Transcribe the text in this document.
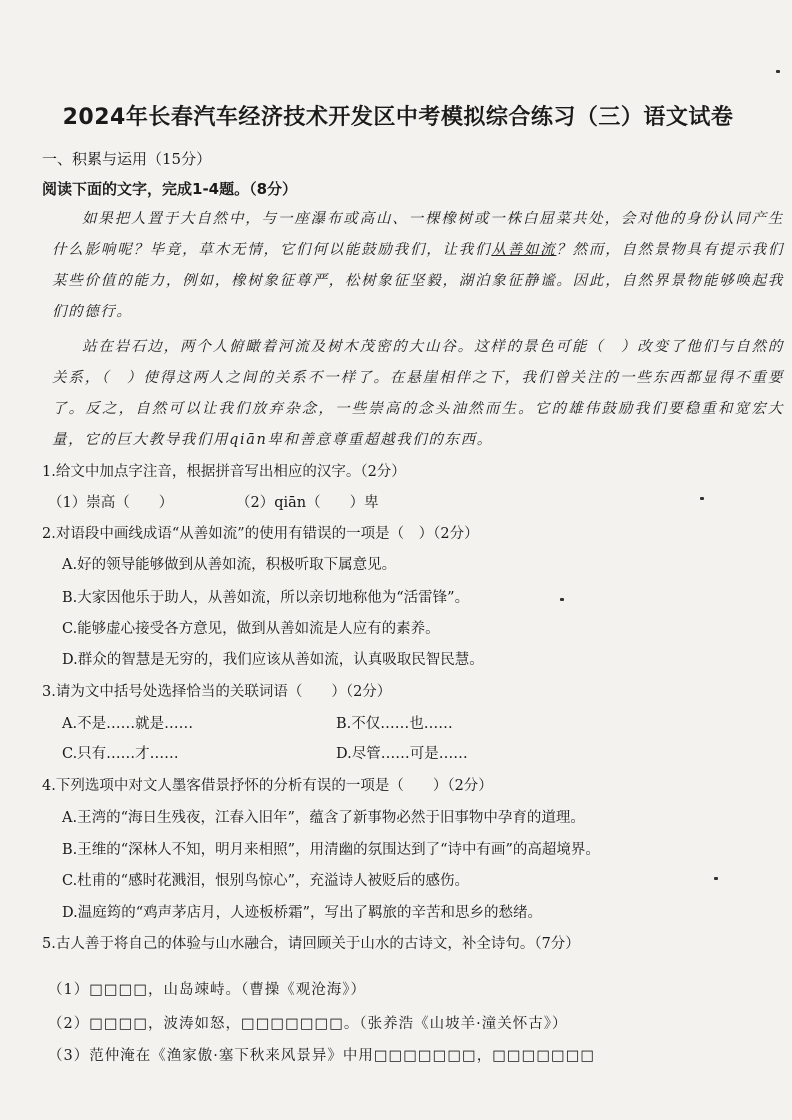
2024年长春汽车经济技术开发区中考模拟综合练习（三）语文试卷
一、积累与运用（15分）
阅读下面的文字，完成1-4题。（8分）
如果把人置于大自然中，与一座瀑布或高山、一棵橡树或一株白屈菜共处，会对他的身份认同产生什么影响呢？毕竟，草木无情，它们何以能鼓励我们，让我们从善如流？然而，自然景物具有提示我们某些价值的能力，例如，橡树象征尊严，松树象征坚毅，湖泊象征静谧。因此，自然界景物能够唤起我们的德行。
站在岩石边，两个人俯瞰着河流及树木茂密的大山谷。这样的景色可能（　）改变了他们与自然的关系，（　）使得这两人之间的关系不一样了。在悬崖相伴之下，我们曾关注的一些东西都显得不重要了。反之，自然可以让我们放弃杂念，一些崇高的念头油然而生。它的雄伟鼓励我们要稳重和宽宏大量，它的巨大教导我们用qiān卑和善意尊重超越我们的东西。
1.给文中加点字注音，根据拼音写出相应的汉字。（2分）
（1）崇高（　　）	（2）qiān（　　）卑
2.对语段中画线成语“从善如流”的使用有错误的一项是（　）（2分）
A.好的领导能够做到从善如流，积极听取下属意见。
B.大家因他乐于助人，从善如流，所以亲切地称他为“活雷锋”。
C.能够虚心接受各方意见，做到从善如流是人应有的素养。
D.群众的智慧是无穷的，我们应该从善如流，认真吸取民智民慧。
3.请为文中括号处选择恰当的关联词语（　　）（2分）
A.不是……就是……	B.不仅……也……
C.只有……才……	D.尽管……可是……
4.下列选项中对文人墨客借景抒怀的分析有误的一项是（　　）（2分）
A.王湾的“海日生残夜，江春入旧年”，蕴含了新事物必然于旧事物中孕育的道理。
B.王维的“深林人不知，明月来相照”，用清幽的氛围达到了“诗中有画”的高超境界。
C.杜甫的“感时花溅泪，恨别鸟惊心”，充溢诗人被贬后的感伤。
D.温庭筠的“鸡声茅店月，人迹板桥霜”，写出了羁旅的辛苦和思乡的愁绪。
5.古人善于将自己的体验与山水融合，请回顾关于山水的古诗文，补全诗句。（7分）
（1）□□□□，山岛竦峙。（曹操《观沧海》）
（2）□□□□，波涛如怒，□□□□□□□。（张养浩《山坡羊·潼关怀古》）
（3）范仲淹在《渔家傲·塞下秋来风景异》中用□□□□□□□，□□□□□□□
